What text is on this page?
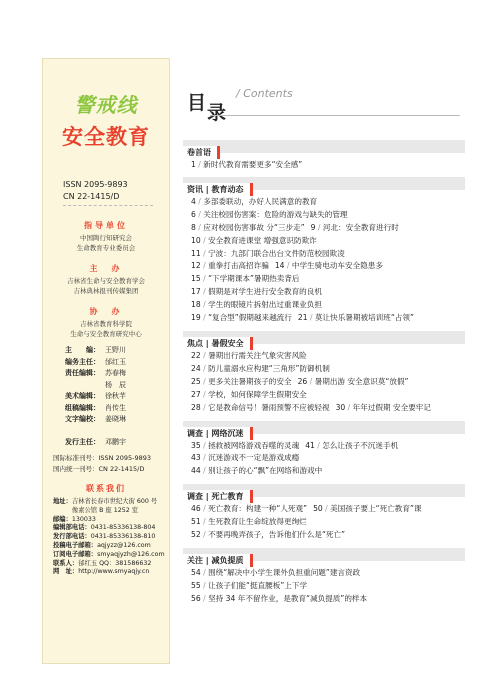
警戒线
安全教育
ISSN 2095-9893
CN 22-1415/D
指导单位
中国陶行知研究会
生命教育专业委员会
主　办
吉林省生命与安全教育学会
吉林典林报刊传媒集团
协　办
吉林省教育科学院
生命与安全教育研究中心
主　　编： 王野川
编务主任： 邰红玉
责任编辑： 苏春梅
杨　辰
美术编辑： 徐秋芊
组稿编辑： 肖传生
文字编校： 姜晓琳

发行主任： 邓鹏宇
国际标准刊号：ISSN 2095-9893
国内统一刊号：CN 22-1415/D
联系我们
地址：吉林省长春市世纪大街 600 号
　　　像素公馆 B 座 1252 室
邮编：130033
编辑部电话：0431-85336138-804
发行部电话：0431-85336138-810
投稿电子邮箱：aqjyzz@126.com
订阅电子邮箱：smyaqjyzh@126.com
联系人：邰红玉 QQ：381586632
网　址：http://www.smyaqjy.cn
目 录
/ Contents
卷首语
1 / 新时代教育需要更多“安全感”
资讯 | 教育动态
4 / 多部委联动，办好人民满意的教育
6 / 关注校园伤害案：危险的游戏与缺失的管理
8 / 应对校园伤害事故 分“三步走” 9 / 河北：安全教育进行时
10 / 安全教育进课堂 增强意识防欺诈
11 / 宁波：九部门联合出台文件防范校园欺凌
12 / 重拳打击高招诈骗 14 / 中学生骑电动车安全隐患多
15 / “下学期课本”暑期热卖背后
17 / 假期是对学生进行安全教育的良机
18 / 学生的眼镜片拆射出过重课业负担
19 / “复合型”假期越来越流行 21 / 莫让快乐暑期被培训班“占领”
焦点 | 暑假安全
22 / 暑期出行需关注气象灾害风险
24 / 防儿童溺水应构建“三角形”防御机制
25 / 更多关注暑期孩子的安全 26 / 暑期出游 安全意识莫“放假”
27 / 学校，如何保障学生假期安全
28 / 它是教命信号！暑雨预警不应被轻视 30 / 年年过假期 安全要牢记
调查 | 网络沉迷
35 / 拯救被网络游戏吞噬的灵魂 41 / 怎么让孩子不沉迷手机
43 / 沉迷游戏不一定是游戏成瘾
44 / 别让孩子的心“飘”在网络和游戏中
调查 | 死亡教育
46 / 死亡教育：构建一种“人死观” 50 / 美国孩子要上“死亡教育”课
51 / 生死教育让生命绽放得更绚烂
52 / 不要再晚弄孩子，告诉他们什么是“死亡”
关注 | 减负提质
54 / 围绕“解决中小学生课外负担重问题”建言资政
55 / 让孩子们能“挺直腰板”上下学
56 / 坚持 34 年不留作业，是教育“减负提质”的样本
